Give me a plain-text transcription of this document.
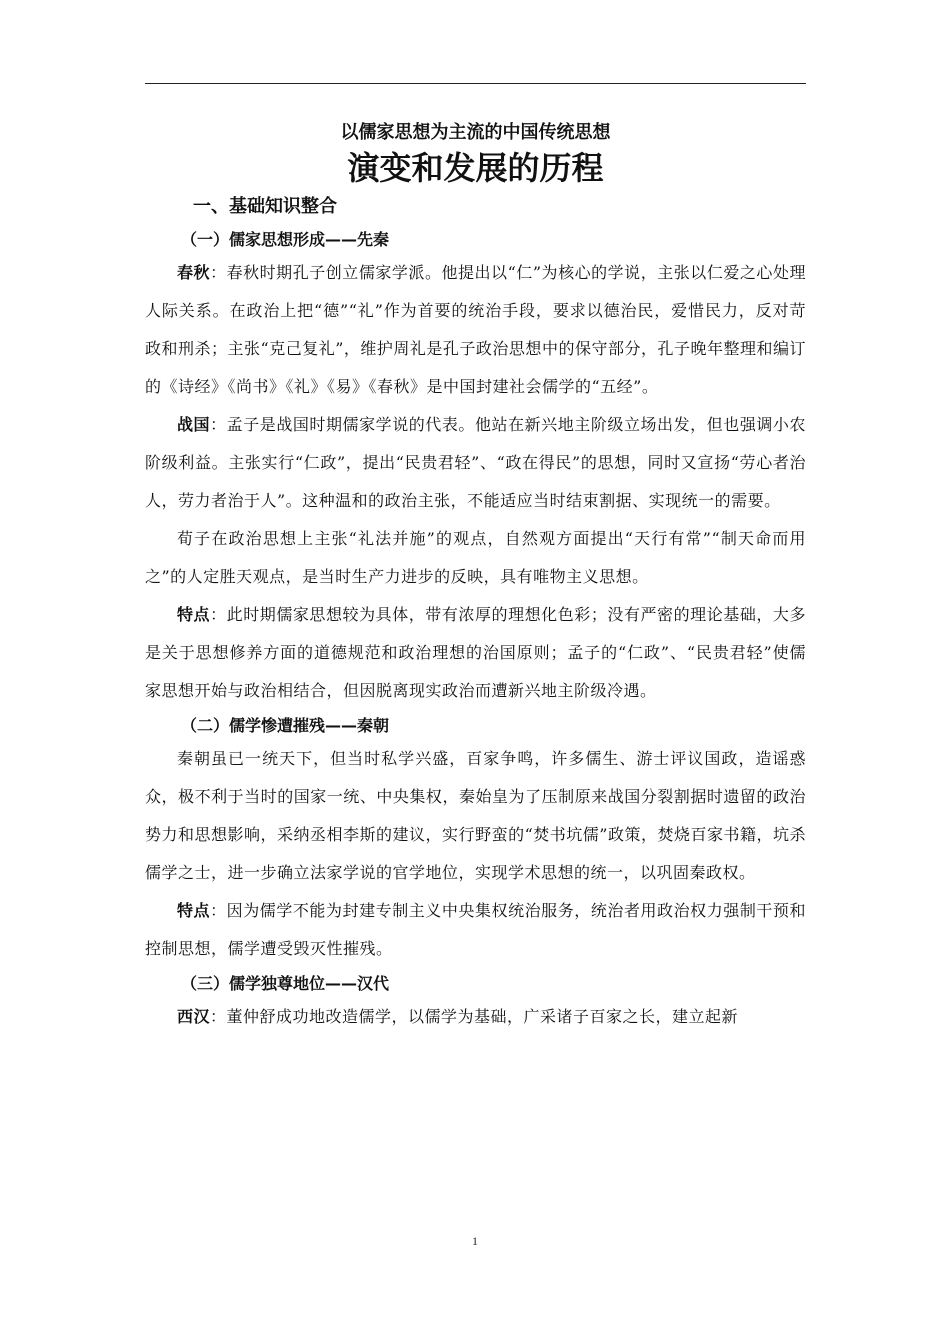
以儒家思想为主流的中国传统思想
演变和发展的历程
一、基础知识整合
（一）儒家思想形成——先秦

春秋：春秋时期孔子创立儒家学派。他提出以“仁”为核心的学说，主张以仁爱之心处理人际关系。在政治上把“德”“礼”作为首要的统治手段，要求以德治民，爱惜民力，反对苛政和刑杀；主张“克己复礼”，维护周礼是孔子政治思想中的保守部分，孔子晚年整理和编订的《诗经》《尚书》《礼》《易》《春秋》是中国封建社会儒学的“五经”。

战国：孟子是战国时期儒家学说的代表。他站在新兴地主阶级立场出发，但也强调小农阶级利益。主张实行“仁政”，提出“民贵君轻”、“政在得民”的思想，同时又宣扬“劳心者治人，劳力者治于人”。这种温和的政治主张，不能适应当时结束割据、实现统一的需要。

荀子在政治思想上主张“礼法并施”的观点，自然观方面提出“天行有常”“制天命而用之”的人定胜天观点，是当时生产力进步的反映，具有唯物主义思想。

特点：此时期儒家思想较为具体，带有浓厚的理想化色彩；没有严密的理论基础，大多是关于思想修养方面的道德规范和政治理想的治国原则；孟子的“仁政”、“民贵君轻”使儒家思想开始与政治相结合，但因脱离现实政治而遭新兴地主阶级冷遇。

（二）儒学惨遭摧残——秦朝

秦朝虽已一统天下，但当时私学兴盛，百家争鸣，许多儒生、游士评议国政，造谣惑众，极不利于当时的国家一统、中央集权，秦始皇为了压制原来战国分裂割据时遗留的政治势力和思想影响，采纳丞相李斯的建议，实行野蛮的“焚书坑儒”政策，焚烧百家书籍，坑杀儒学之士，进一步确立法家学说的官学地位，实现学术思想的统一，以巩固秦政权。

特点：因为儒学不能为封建专制主义中央集权统治服务，统治者用政治权力强制干预和控制思想，儒学遭受毁灭性摧残。

（三）儒学独尊地位——汉代

西汉：董仲舒成功地改造儒学，以儒学为基础，广采诸子百家之长，建立起新

1
